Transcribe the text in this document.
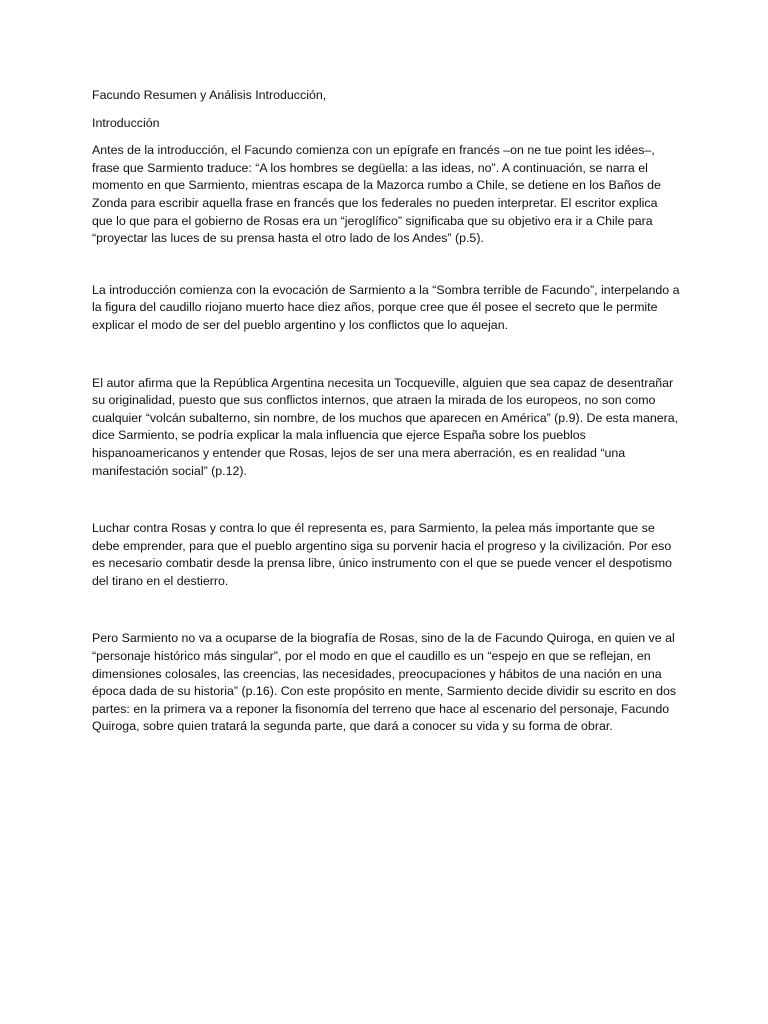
Facundo Resumen y Análisis Introducción,

Introducción

Antes de la introducción, el Facundo comienza con un epígrafe en francés –on ne tue point les idées–, frase que Sarmiento traduce: “A los hombres se degüella: a las ideas, no”. A continuación, se narra el momento en que Sarmiento, mientras escapa de la Mazorca rumbo a Chile, se detiene en los Baños de Zonda para escribir aquella frase en francés que los federales no pueden interpretar. El escritor explica que lo que para el gobierno de Rosas era un “jeroglífico” significaba que su objetivo era ir a Chile para “proyectar las luces de su prensa hasta el otro lado de los Andes” (p.5).

La introducción comienza con la evocación de Sarmiento a la “Sombra terrible de Facundo”, interpelando a la figura del caudillo riojano muerto hace diez años, porque cree que él posee el secreto que le permite explicar el modo de ser del pueblo argentino y los conflictos que lo aquejan.

El autor afirma que la República Argentina necesita un Tocqueville, alguien que sea capaz de desentrañar su originalidad, puesto que sus conflictos internos, que atraen la mirada de los europeos, no son como cualquier “volcán subalterno, sin nombre, de los muchos que aparecen en América” (p.9). De esta manera, dice Sarmiento, se podría explicar la mala influencia que ejerce España sobre los pueblos hispanoamericanos y entender que Rosas, lejos de ser una mera aberración, es en realidad “una manifestación social” (p.12).

Luchar contra Rosas y contra lo que él representa es, para Sarmiento, la pelea más importante que se debe emprender, para que el pueblo argentino siga su porvenir hacia el progreso y la civilización. Por eso es necesario combatir desde la prensa libre, único instrumento con el que se puede vencer el despotismo del tirano en el destierro.

Pero Sarmiento no va a ocuparse de la biografía de Rosas, sino de la de Facundo Quiroga, en quien ve al “personaje histórico más singular”, por el modo en que el caudillo es un “espejo en que se reflejan, en dimensiones colosales, las creencias, las necesidades, preocupaciones y hábitos de una nación en una época dada de su historia” (p.16). Con este propósito en mente, Sarmiento decide dividir su escrito en dos partes: en la primera va a reponer la fisonomía del terreno que hace al escenario del personaje, Facundo Quiroga, sobre quien tratará la segunda parte, que dará a conocer su vida y su forma de obrar.
